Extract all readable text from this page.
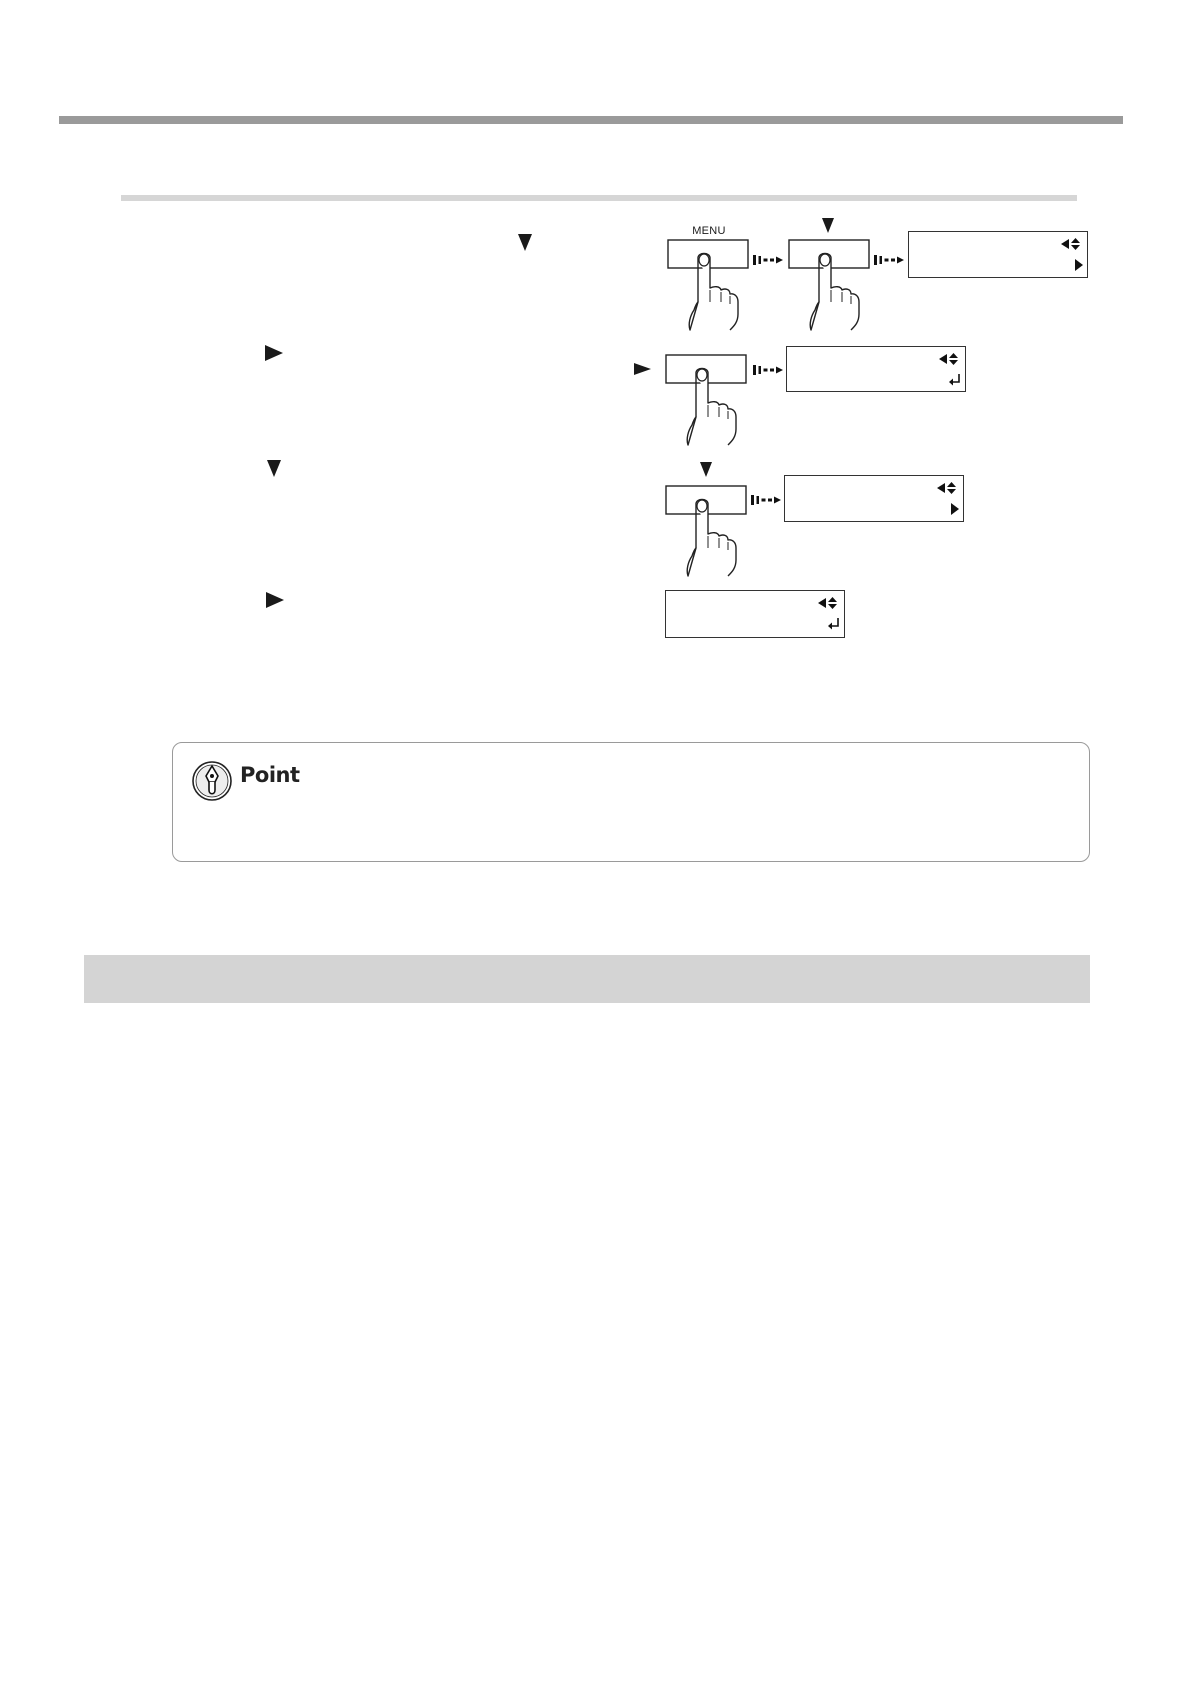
MENU
Point
